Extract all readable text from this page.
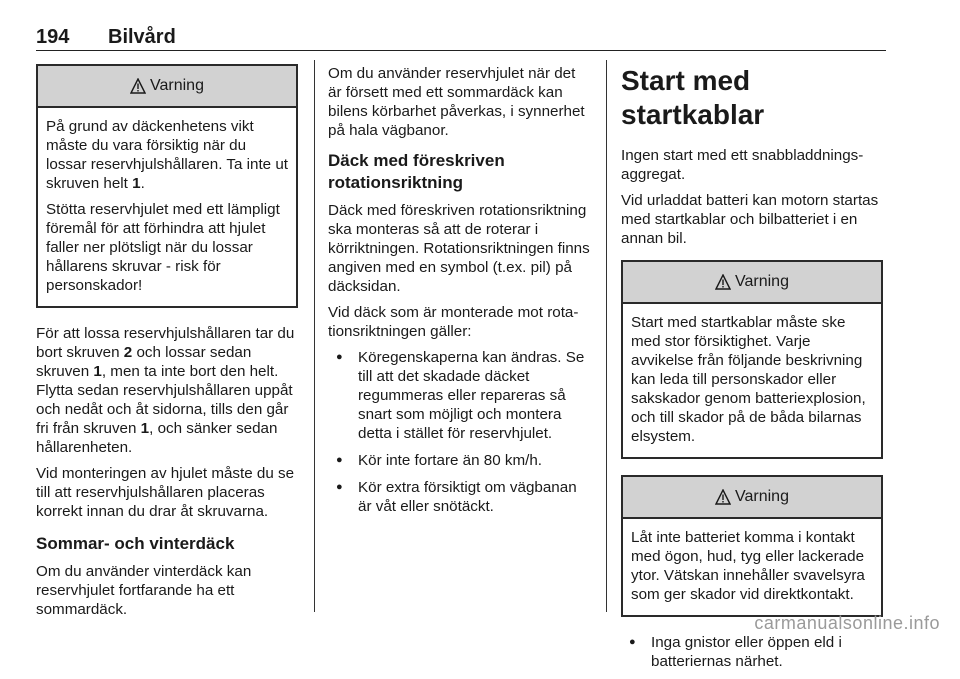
194 Bilvård
Varning

På grund av däckenhetens vikt måste du vara försiktig när du lossar reservhjulshållaren. Ta inte ut skruven helt 1.

Stötta reservhjulet med ett lämpligt föremål för att förhindra att hjulet faller ner plötsligt när du lossar hållarens skruvar - risk för personskador!

För att lossa reservhjulshållaren tar du bort skruven 2 och lossar sedan skruven 1, men ta inte bort den helt. Flytta sedan reservhjulshållaren uppåt och nedåt och åt sidorna, tills den går fri från skruven 1, och sänker sedan hållarenheten.

Vid monteringen av hjulet måste du se till att reservhjulshållaren placeras korrekt innan du drar åt skruvarna.

Sommar- och vinterdäck

Om du använder vinterdäck kan reservhjulet fortfarande ha ett sommardäck.

Om du använder reservhjulet när det är försett med ett sommardäck kan bilens körbarhet påverkas, i synnerhet på hala vägbanor.

Däck med föreskriven rotationsriktning

Däck med föreskriven rotationsriktning ska monteras så att de roterar i körriktningen. Rotationsriktningen finns angiven med en symbol (t.ex. pil) på däcksidan.

Vid däck som är monterade mot rotationsriktningen gäller:

● Köregenskaperna kan ändras. Se till att det skadade däcket regummeras eller repareras så snart som möjligt och montera detta i stället för reservhjulet.
● Kör inte fortare än 80 km/h.
● Kör extra försiktigt om vägbanan är våt eller snötäckt.
Start med startkablar

Ingen start med ett snabbladdningsaggregat.

Vid urladdat batteri kan motorn startas med startkablar och bilbatteriet i en annan bil.

Varning

Start med startkablar måste ske med stor försiktighet. Varje avvikelse från följande beskrivning kan leda till personskador eller sakskador genom batteriexplosion, och till skador på de båda bilarnas elsystem.

Varning

Låt inte batteriet komma i kontakt med ögon, hud, tyg eller lackerade ytor. Vätskan innehåller svavelsyra som ger skador vid direktkontakt.

● Inga gnistor eller öppen eld i batteriernas närhet.
carmanualsonline.info
